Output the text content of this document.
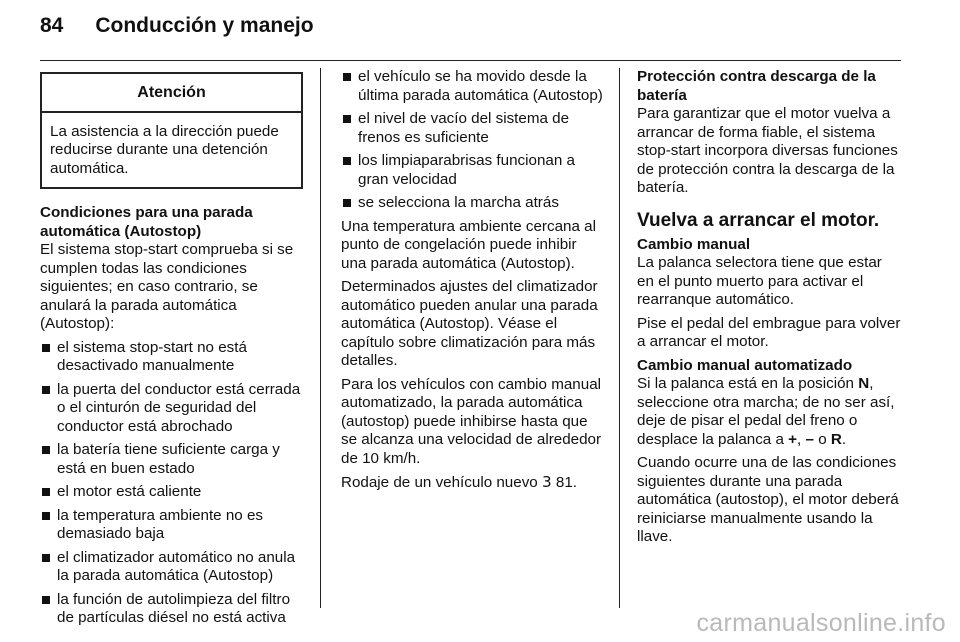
84 Conducción y manejo
Atención
La asistencia a la dirección puede reducirse durante una detención automática.
Condiciones para una parada automática (Autostop)

El sistema stop-start comprueba si se cumplen todas las condiciones siguientes; en caso contrario, se anulará la parada automática (Autostop):

el sistema stop-start no está desactivado manualmente
la puerta del conductor está cerrada o el cinturón de seguridad del conductor está abrochado
la batería tiene suficiente carga y está en buen estado
el motor está caliente
la temperatura ambiente no es demasiado baja
el climatizador automático no anula la parada automática (Autostop)
la función de autolimpieza del filtro de partículas diésel no está activa
el vehículo se ha movido desde la última parada automática (Autostop)
el nivel de vacío del sistema de frenos es suficiente
los limpiaparabrisas funcionan a gran velocidad
se selecciona la marcha atrás

Una temperatura ambiente cercana al punto de congelación puede inhibir una parada automática (Autostop).

Determinados ajustes del climatizador automático pueden anular una parada automática (Autostop). Véase el capítulo sobre climatización para más detalles.

Para los vehículos con cambio manual automatizado, la parada automática (autostop) puede inhibirse hasta que se alcanza una velocidad de alrededor de 10 km/h.

Rodaje de un vehículo nuevo 3 81.

Protección contra descarga de la batería

Para garantizar que el motor vuelva a arrancar de forma fiable, el sistema stop-start incorpora diversas funciones de protección contra la descarga de la batería.

Vuelva a arrancar el motor.
Cambio manual

La palanca selectora tiene que estar en el punto muerto para activar el rearranque automático.

Pise el pedal del embrague para volver a arrancar el motor.

Cambio manual automatizado

Si la palanca está en la posición N, seleccione otra marcha; de no ser así, deje de pisar el pedal del freno o desplace la palanca a +, – o R.

Cuando ocurre una de las condiciones siguientes durante una parada automática (autostop), el motor deberá reiniciarse manualmente usando la llave.

carmanualsonline.info
